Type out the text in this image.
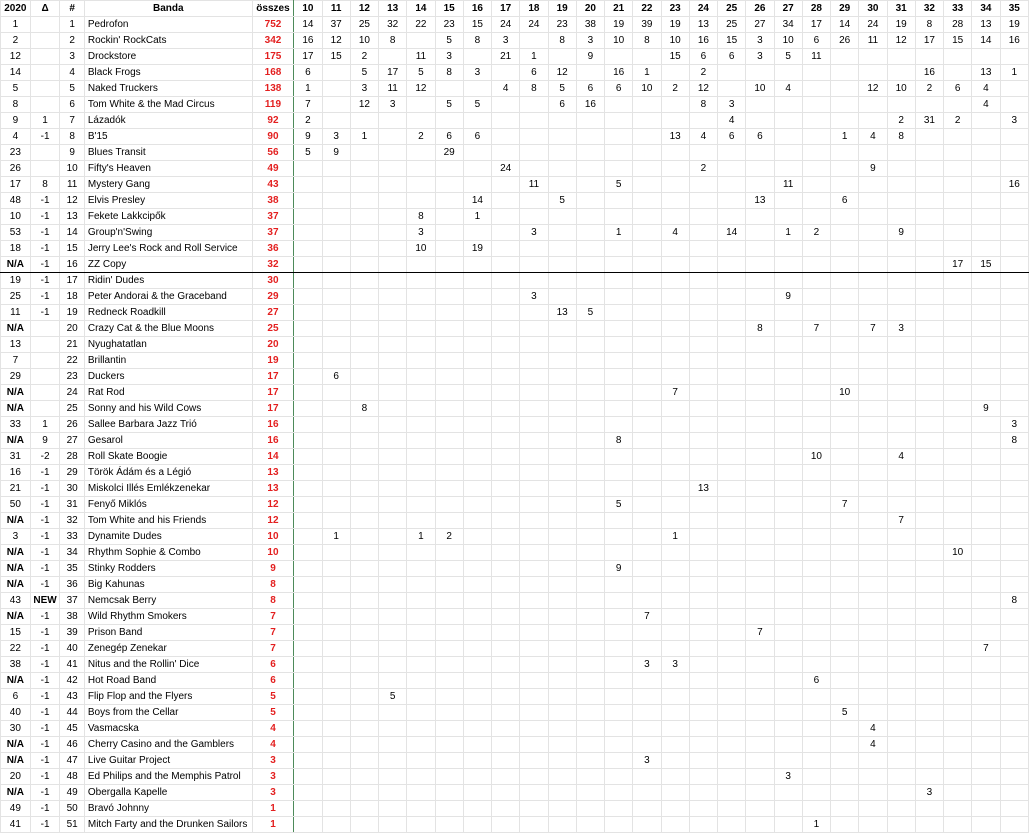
2020	Δ	#	Banda	összes	10	11	12	13	14	15	16	17	18	19	20	21	22	23	24	25	26	27	28	29	30	31	32	33	34	35
1		1	Pedrofon	752	14	37	25	32	22	23	15	24	24	23	38	19	39	19	13	25	27	34	17	14	24	19	8	28	13	19
2		2	Rockin' RockCats	342	16	12	10	8		5	8	3		8	3	10	8	10	16	15	3	10	6	26	11	12	17	15	14	16
12		3	Drockstore	175	17	15	2		11	3		21	1		9			15	6	6	3	5	11							
14		4	Black Frogs	168	6		5	17	5	8	3		6	12		16	1		2								16		13	1
5		5	Naked Truckers	138	1		3	11	12			4	8	5	6	6	10	2	12		10	4			12	10	2	6	4	
8		6	Tom White & the Mad Circus	119	7		12	3		5	5			6	16				8	3									4	
9	1	7	Lázadók	92	2															4						2	31	2		3
4	-1	8	B'15	90	9	3	1		2	6	6							13	4	6	6			1	4	8				
23		9	Blues Transit	56	5	9				29																				
26		10	Fifty's Heaven	49								24							2						9					
17	8	11	Mystery Gang	43									11			5						11								16
48	-1	12	Elvis Presley	38							14			5							13			6						
10	-1	13	Fekete Lakkcipők	37					8		1																			
53	-1	14	Group'n'Swing	37					3				3			1		4		14		1	2			9				
18	-1	15	Jerry Lee's Rock and Roll Service	36					10		19																			
N/A	-1	16	ZZ Copy	32																								17	15	
19	-1	17	Ridin' Dudes	30																										
25	-1	18	Peter Andorai & the Graceband	29									3									9								
11	-1	19	Redneck Roadkill	27										13	5															
N/A		20	Crazy Cat & the Blue Moons	25																	8		7		7	3				
13		21	Nyughatatlan	20																										
7		22	Brillantin	19																										
29		23	Duckers	17		6																								
N/A		24	Rat Rod	17														7						10						
N/A		25	Sonny and his Wild Cows	17			8																						9	
33	1	26	Sallee Barbara Jazz Trió	16																										3
N/A	9	27	Gesarol	16												8														8
31	-2	28	Roll Skate Boogie	14																			10			4				
16	-1	29	Török Ádám és a Légió	13																										
21	-1	30	Miskolci Illés Emlékzenekar	13															13											
50	-1	31	Fenyő Miklós	12												5								7						
N/A	-1	32	Tom White and his Friends	12																						7				
3	-1	33	Dynamite Dudes	10		1			1	2								1												
N/A	-1	34	Rhythm Sophie & Combo	10																								10		
N/A	-1	35	Stinky Rodders	9												9														
N/A	-1	36	Big Kahunas	8																										
43	NEW	37	Nemcsak Berry	8																										8
N/A	-1	38	Wild Rhythm Smokers	7													7													
15	-1	39	Prison Band	7																	7									
22	-1	40	Zenegép Zenekar	7																									7	
38	-1	41	Nitus and the Rollin' Dice	6													3	3												
N/A	-1	42	Hot Road Band	6																			6							
6	-1	43	Flip Flop and the Flyers	5				5																						
40	-1	44	Boys from the Cellar	5																				5						
30	-1	45	Vasmacska	4																					4					
N/A	-1	46	Cherry Casino and the Gamblers	4																					4					
N/A	-1	47	Live Guitar Project	3													3													
20	-1	48	Ed Philips and the Memphis Patrol	3																		3								
N/A	-1	49	Obergalla Kapelle	3																							3			
49	-1	50	Bravó Johnny	1																										
41	-1	51	Mitch Farty and the Drunken Sailors	1																			1							
